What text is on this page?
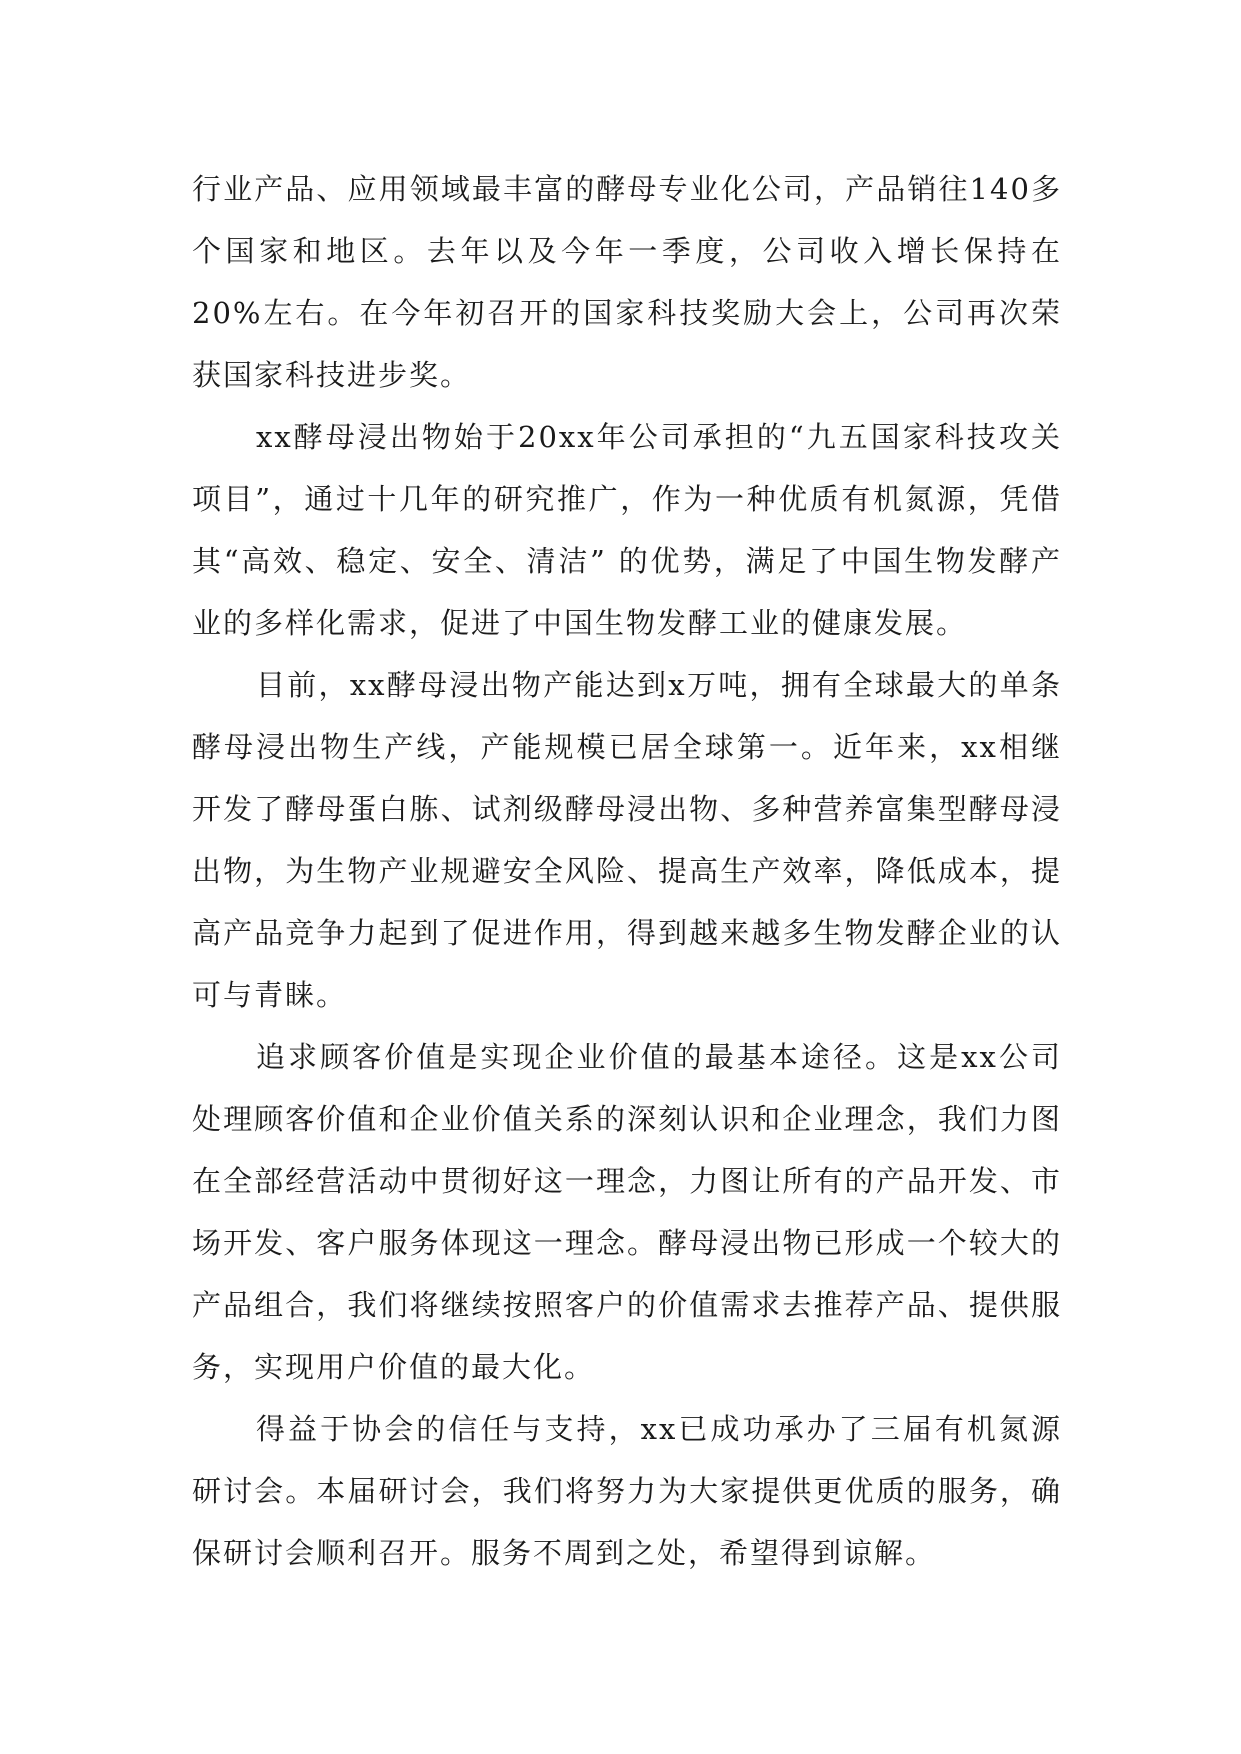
行业产品、应用领域最丰富的酵母专业化公司，产品销往140多个国家和地区。去年以及今年一季度，公司收入增长保持在20%左右。在今年初召开的国家科技奖励大会上，公司再次荣获国家科技进步奖。

xx酵母浸出物始于20xx年公司承担的“九五国家科技攻关项目”，通过十几年的研究推广，作为一种优质有机氮源，凭借其“高效、稳定、安全、清洁” 的优势，满足了中国生物发酵产业的多样化需求，促进了中国生物发酵工业的健康发展。

目前，xx酵母浸出物产能达到x万吨，拥有全球最大的单条酵母浸出物生产线，产能规模已居全球第一。近年来，xx相继开发了酵母蛋白胨、试剂级酵母浸出物、多种营养富集型酵母浸出物，为生物产业规避安全风险、提高生产效率，降低成本，提高产品竞争力起到了促进作用，得到越来越多生物发酵企业的认可与青睐。

追求顾客价值是实现企业价值的最基本途径。这是xx公司处理顾客价值和企业价值关系的深刻认识和企业理念，我们力图在全部经营活动中贯彻好这一理念，力图让所有的产品开发、市场开发、客户服务体现这一理念。酵母浸出物已形成一个较大的产品组合，我们将继续按照客户的价值需求去推荐产品、提供服务，实现用户价值的最大化。

得益于协会的信任与支持，xx已成功承办了三届有机氮源研讨会。本届研讨会，我们将努力为大家提供更优质的服务，确保研讨会顺利召开。服务不周到之处，希望得到谅解。
